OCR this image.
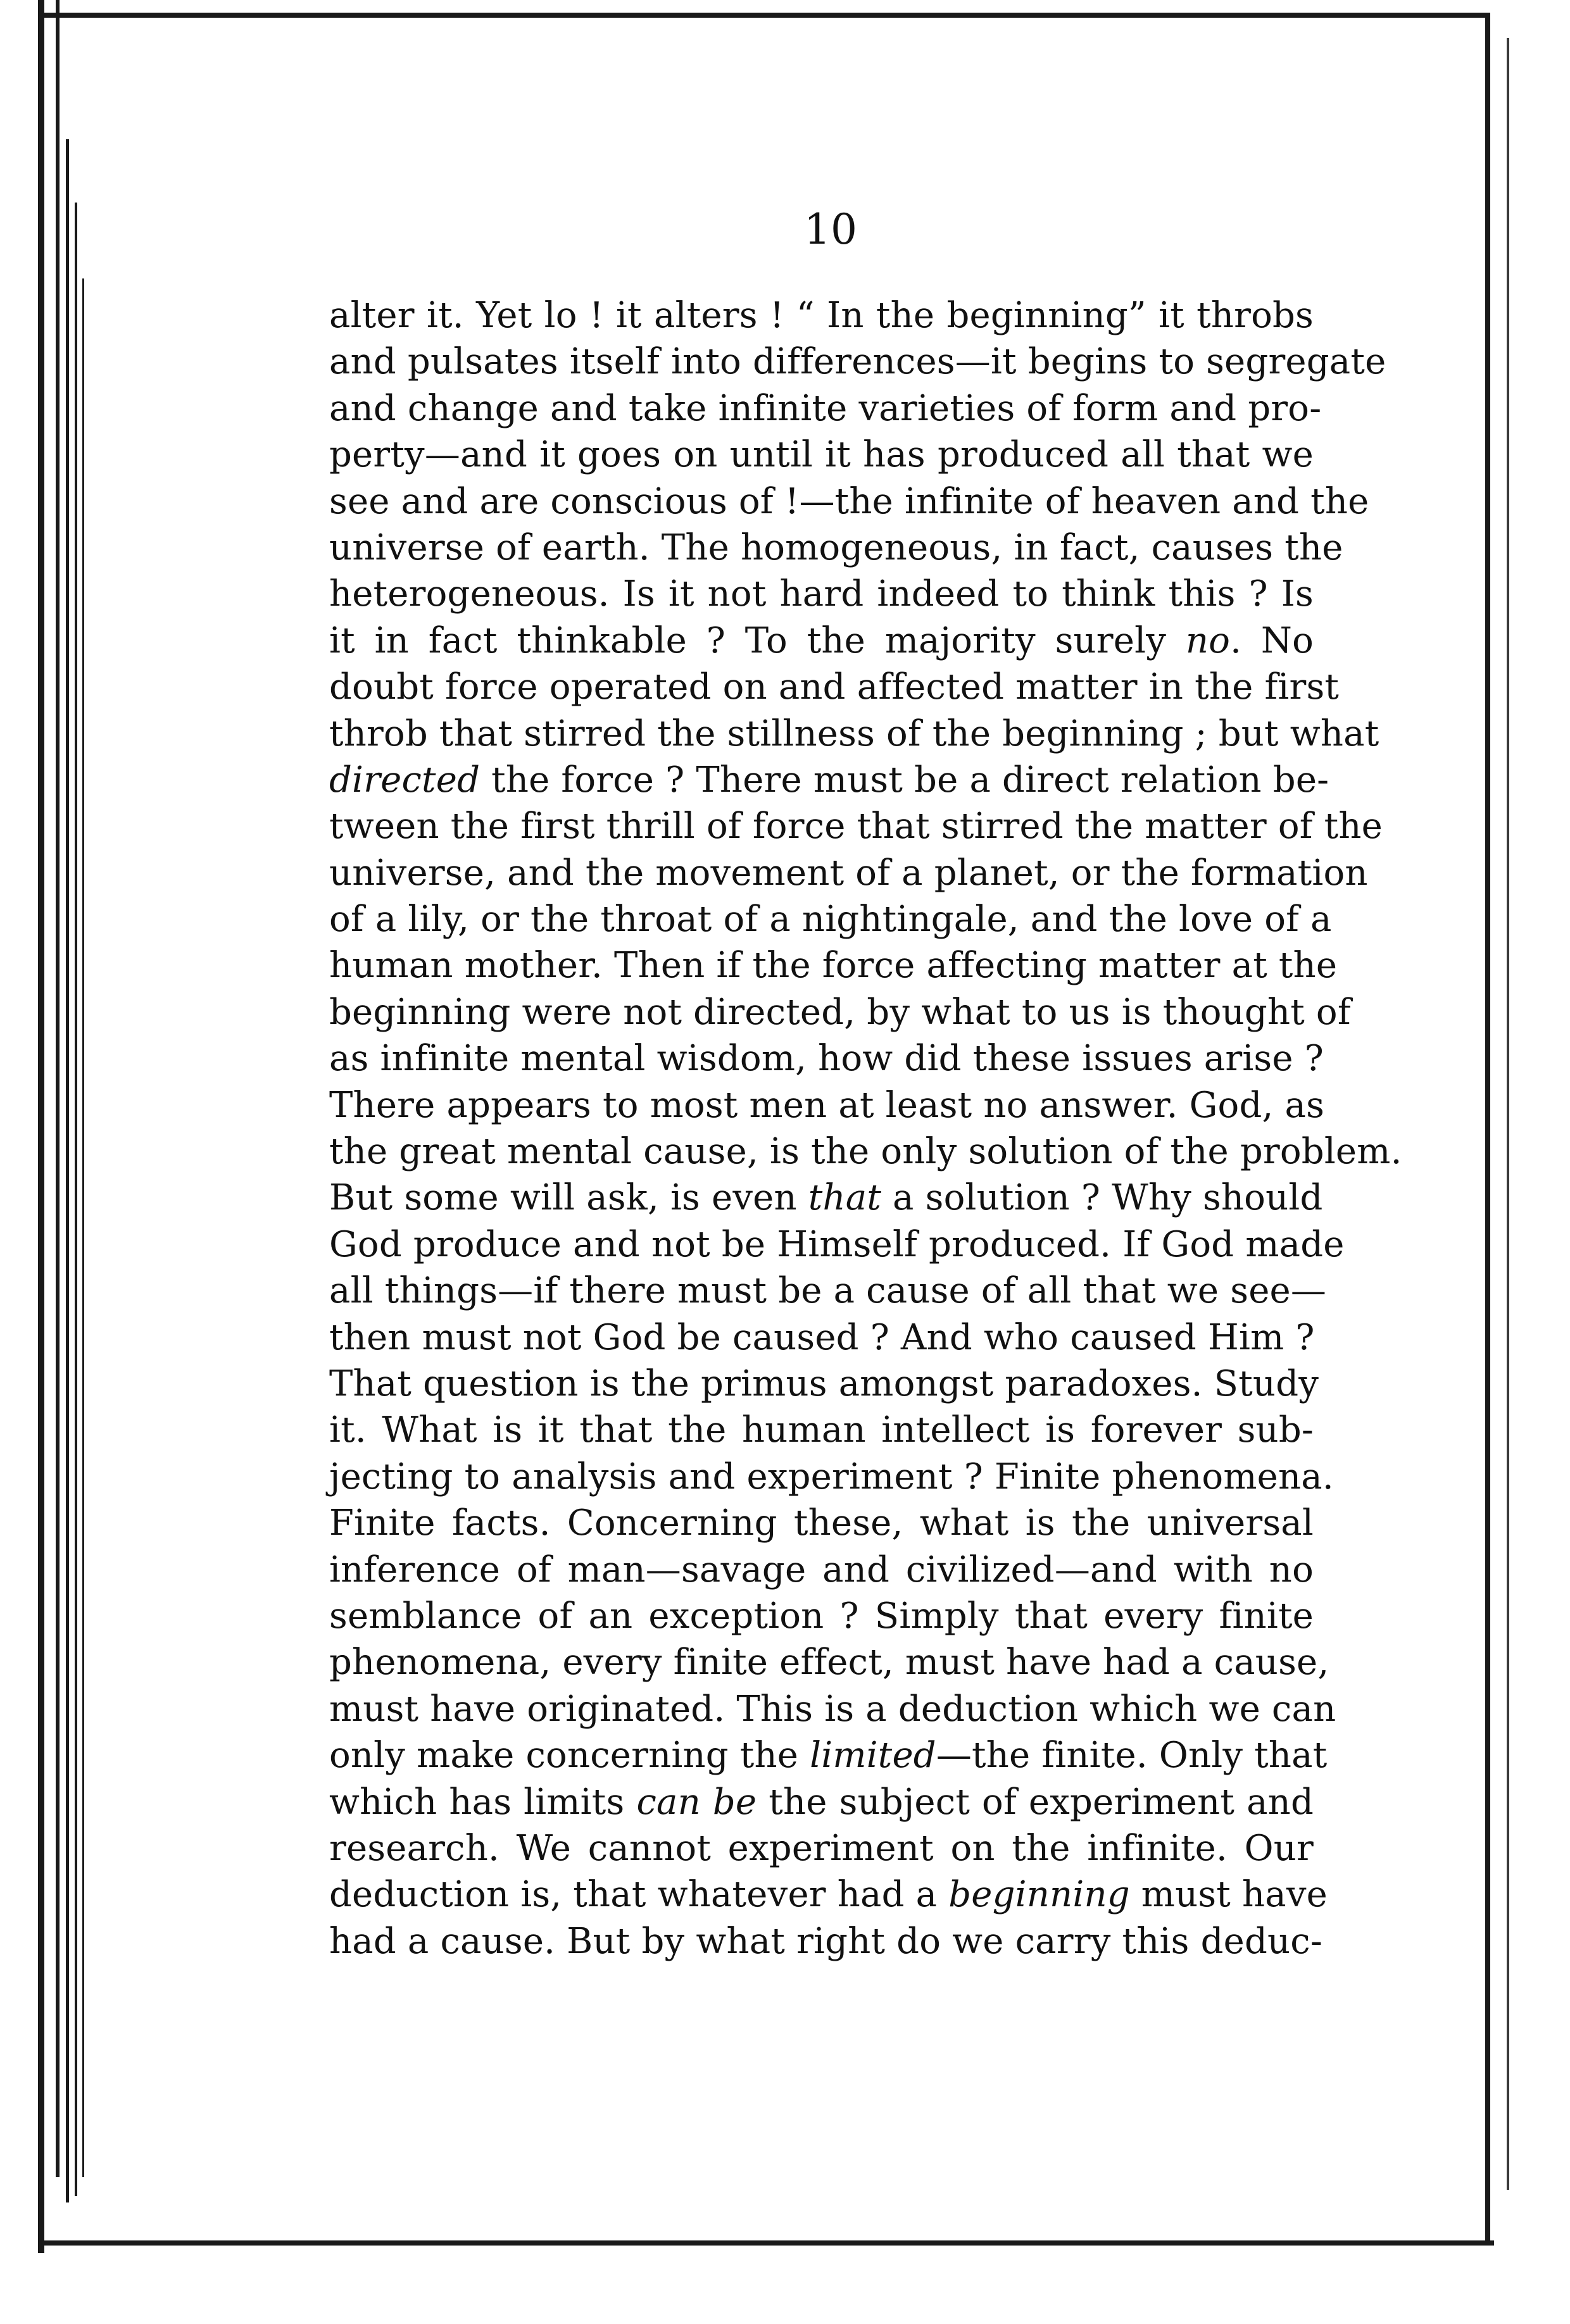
10
alter it. Yet lo ! it alters ! “ In the beginning” it throbs
and pulsates itself into differences—it begins to segregate
and change and take infinite varieties of form and pro-
perty—and it goes on until it has produced all that we
see and are conscious of !—the infinite of heaven and the
universe of earth. The homogeneous, in fact, causes the
heterogeneous. Is it not hard indeed to think this ? Is
it in fact thinkable ? To the majority surely no. No
doubt force operated on and affected matter in the first
throb that stirred the stillness of the beginning ; but what
directed the force ? There must be a direct relation be-
tween the first thrill of force that stirred the matter of the
universe, and the movement of a planet, or the formation
of a lily, or the throat of a nightingale, and the love of a
human mother. Then if the force affecting matter at the
beginning were not directed, by what to us is thought of
as infinite mental wisdom, how did these issues arise ?
There appears to most men at least no answer. God, as
the great mental cause, is the only solution of the problem.
But some will ask, is even that a solution ? Why should
God produce and not be Himself produced. If God made
all things—if there must be a cause of all that we see—
then must not God be caused ? And who caused Him ?
That question is the primus amongst paradoxes. Study
it. What is it that the human intellect is forever sub-
jecting to analysis and experiment ? Finite phenomena.
Finite facts. Concerning these, what is the universal
inference of man—savage and civilized—and with no
semblance of an exception ? Simply that every finite
phenomena, every finite effect, must have had a cause,
must have originated. This is a deduction which we can
only make concerning the limited—the finite. Only that
which has limits can be the subject of experiment and
research. We cannot experiment on the infinite. Our
deduction is, that whatever had a beginning must have
had a cause. But by what right do we carry this deduc-
